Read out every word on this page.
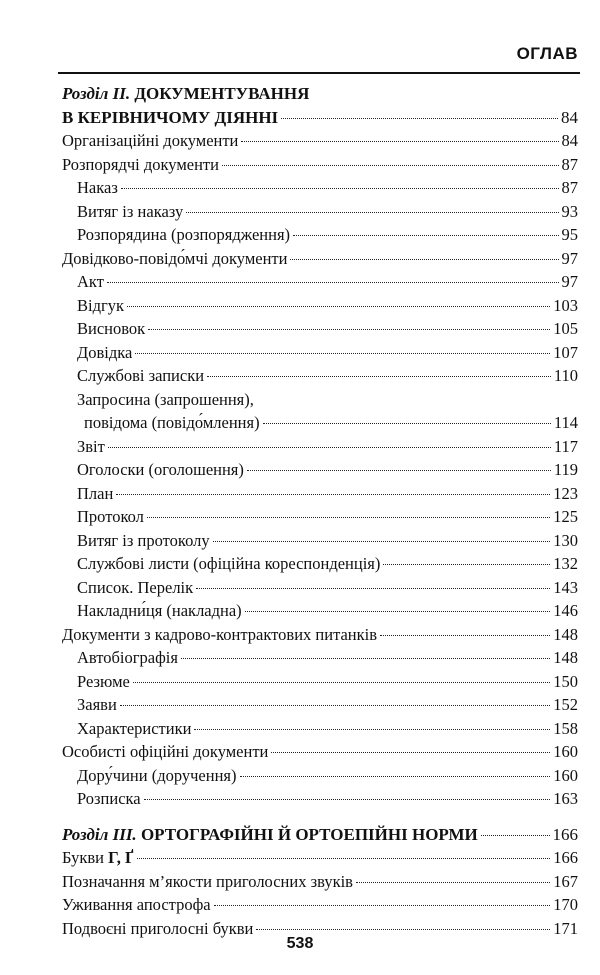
ОГЛАВ
Розділ II. ДОКУМЕНТУВАННЯ
В КЕРІВНИЧОМУ ДІЯННІ	84
Організаційні документи	84
Розпорядчі документи	87
Наказ	87
Витяг із наказу	93
Розпорядина (розпорядження)	95
Довідково-повідо́мчі документи	97
Акт	97
Відгук	103
Висновок	105
Довідка	107
Службові записки	110
Запросина (запрошення),
повідома (повідо́млення)	114
Звіт	117
Оголоски (оголошення)	119
План	123
Протокол	125
Витяг із протоколу	130
Службові листи (офіційна кореспонденція)	132
Список. Перелік	143
Накладни́ця (накладна)	146
Документи з кадрово-контрактових питанків	148
Автобіографія	148
Резюме	150
Заяви	152
Характеристики	158
Особисті офіційні документи	160
Дору́чини (доручення)	160
Розписка	163
Розділ III. ОРТОГРАФІЙНІ Й ОРТОЕПІЙНІ НОРМИ	166
Букви Г, Ґ	166
Позначання м’якости приголосних звуків	167
Уживання апострофа	170
Подвоєні приголосні букви	171
538
